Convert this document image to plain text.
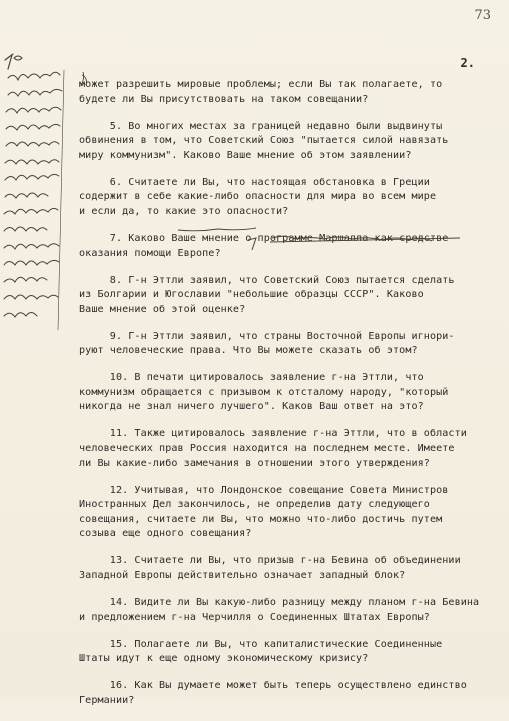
73
2.
может разрешить мировые проблемы; если Вы так полагаете, то
будете ли Вы присутствовать на таком совещании?
5. Во многих местах за границей недавно были выдвинуты
обвинения в том, что Советский Союз "пытается силой навязать
миру коммунизм". Каково Ваше мнение об этом заявлении?
6. Считаете ли Вы, что настоящая обстановка в Греции
содержит в себе какие-либо опасности для мира во всем мире
и если да, то какие это опасности?
7. Каково Ваше мнение о программе Маршалла как средстве
оказания помощи Европе?
8. Г-н Эттли заявил, что Советский Союз пытается сделать
из Болгарии и Югославии "небольшие образцы СССР". Каково
Ваше мнение об этой оценке?
9. Г-н Эттли заявил, что страны Восточной Европы игнори-
руют человеческие права. Что Вы можете сказать об этом?
10. В печати цитировалось заявление г-на Эттли, что
коммунизм обращается с призывом к отсталому народу, "который
никогда не знал ничего лучшего". Каков Ваш ответ на это?
11. Также цитировалось заявление г-на Эттли, что в области
человеческих прав Россия находится на последнем месте. Имеете
ли Вы какие-либо замечания в отношении этого утверждения?
12. Учитывая, что Лондонское совещание Совета Министров
Иностранных Дел закончилось, не определив дату следующего
совещания, считаете ли Вы, что можно что-либо достичь путем
созыва еще одного совещания?
13. Считаете ли Вы, что призыв г-на Бевина об объединении
Западной Европы действительно означает западный блок?
14. Видите ли Вы какую-либо разницу между планом г-на Бевина
и предложением г-на Черчилля о Соединенных Штатах Европы?
15. Полагаете ли Вы, что капиталистические Соединенные
Штаты идут к еще одному экономическому кризису?
16. Как Вы думаете может быть теперь осуществлено единство
Германии?
